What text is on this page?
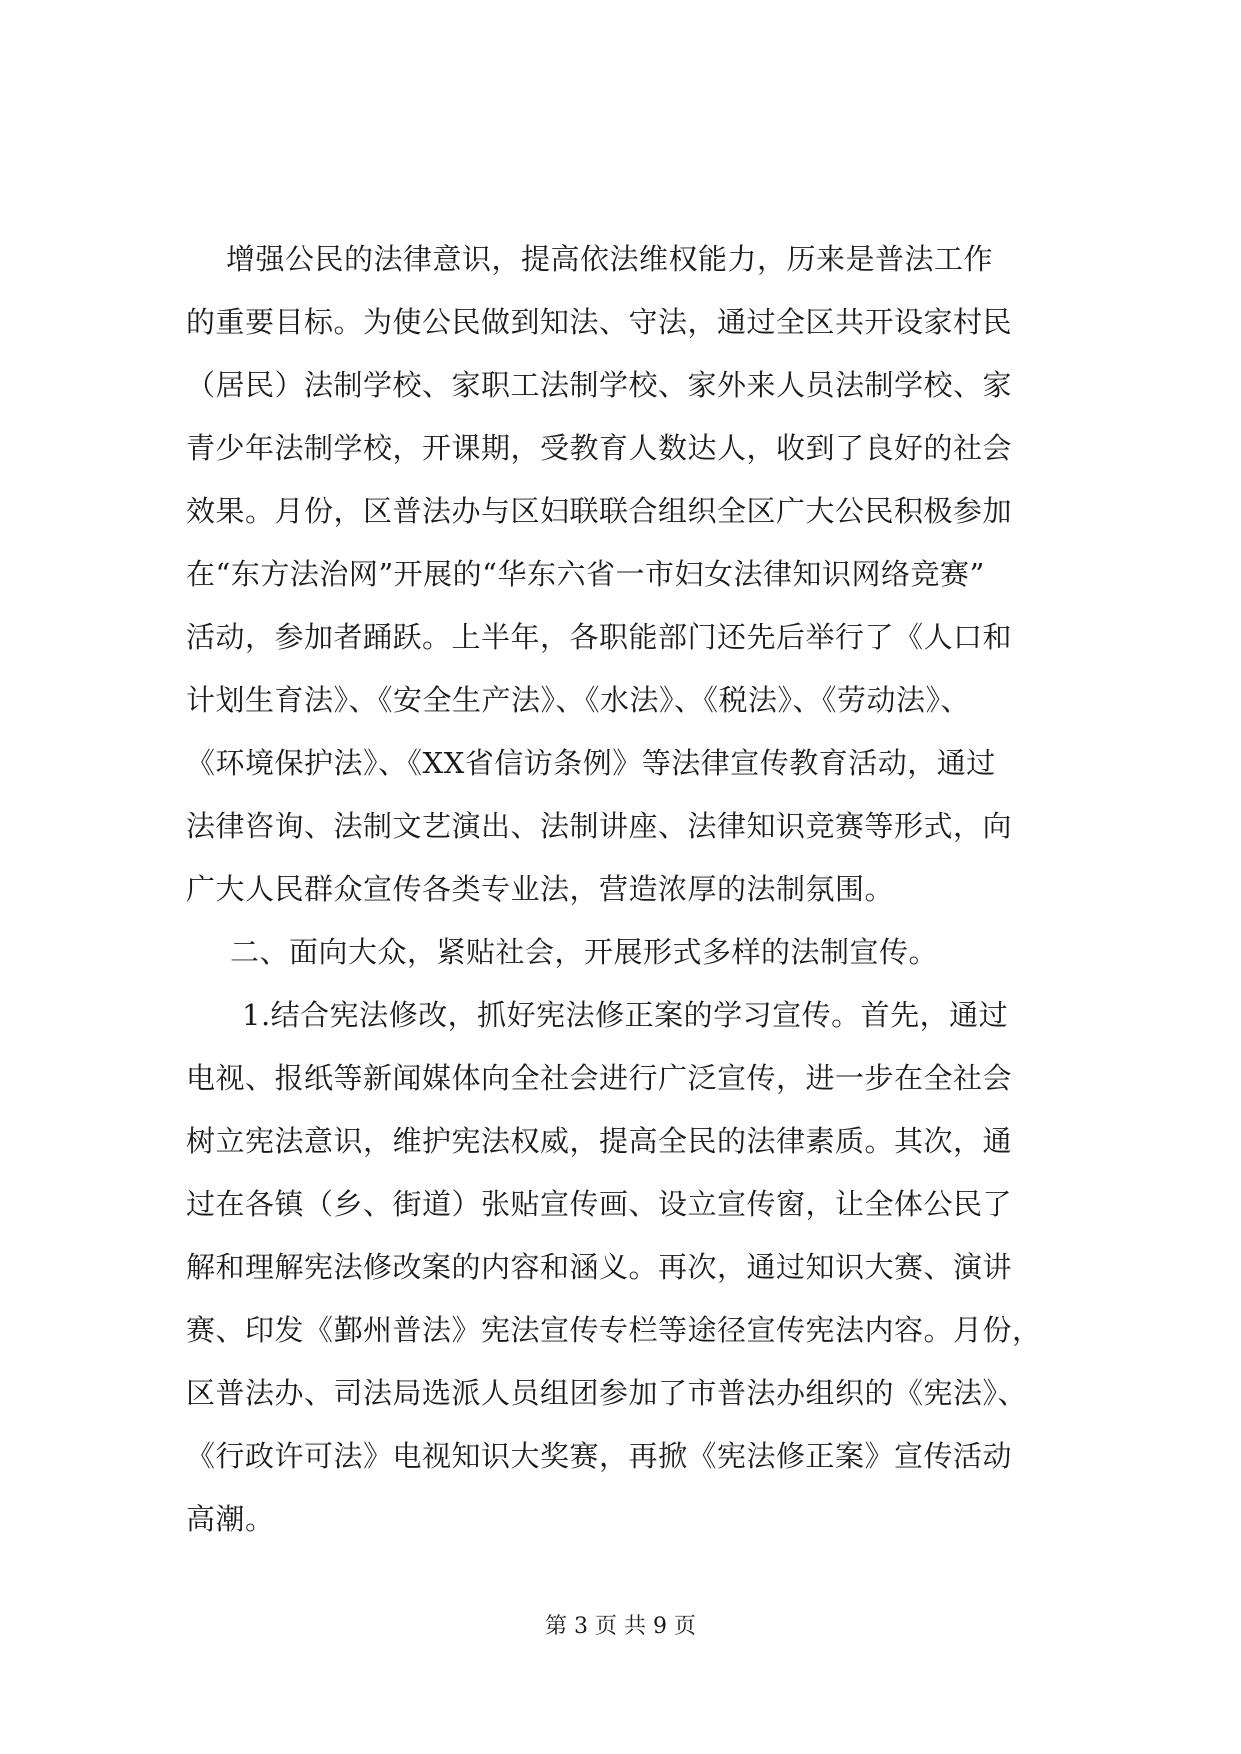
增强公民的法律意识，提高依法维权能力，历来是普法工作
的重要目标。为使公民做到知法、守法，通过全区共开设家村民
（居民）法制学校、家职工法制学校、家外来人员法制学校、家
青少年法制学校，开课期，受教育人数达人，收到了良好的社会
效果。月份，区普法办与区妇联联合组织全区广大公民积极参加
在“东方法治网”开展的“华东六省一市妇女法律知识网络竞赛”
活动，参加者踊跃。上半年，各职能部门还先后举行了《人口和
计划生育法》、《安全生产法》、《水法》、《税法》、《劳动法》、
《环境保护法》、《XX省信访条例》等法律宣传教育活动，通过
法律咨询、法制文艺演出、法制讲座、法律知识竞赛等形式，向
广大人民群众宣传各类专业法，营造浓厚的法制氛围。
二、面向大众，紧贴社会，开展形式多样的法制宣传。
1.结合宪法修改，抓好宪法修正案的学习宣传。首先，通过
电视、报纸等新闻媒体向全社会进行广泛宣传，进一步在全社会
树立宪法意识，维护宪法权威，提高全民的法律素质。其次，通
过在各镇（乡、街道）张贴宣传画、设立宣传窗，让全体公民了
解和理解宪法修改案的内容和涵义。再次，通过知识大赛、演讲
赛、印发《鄞州普法》宪法宣传专栏等途径宣传宪法内容。月份，
区普法办、司法局选派人员组团参加了市普法办组织的《宪法》、
《行政许可法》电视知识大奖赛，再掀《宪法修正案》宣传活动
高潮。
第 3 页 共 9 页
